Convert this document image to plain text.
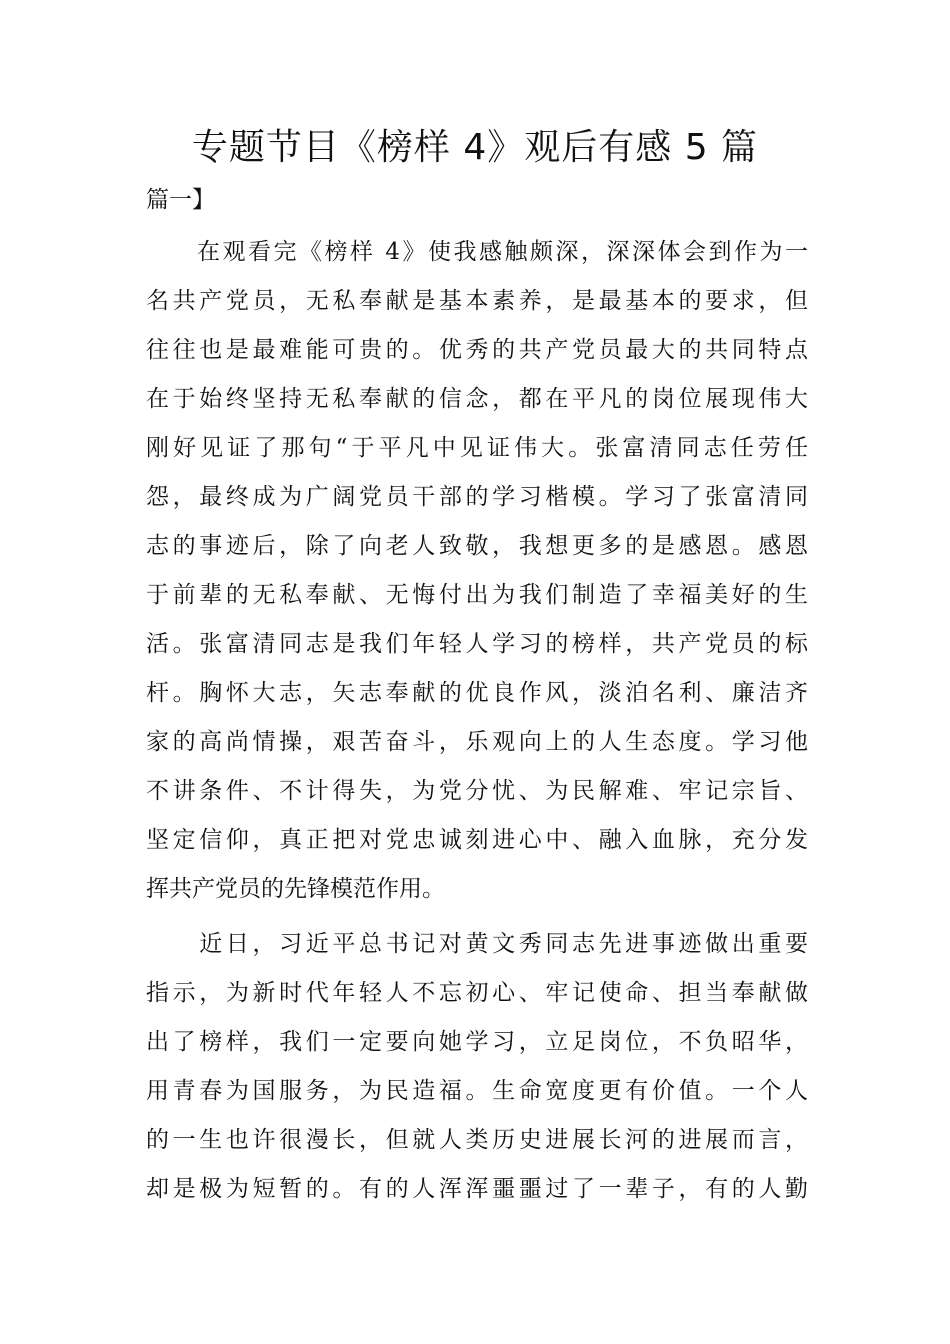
专题节目《榜样 4》观后有感 5 篇
篇一】
　　在观看完《榜样 4》使我感触颇深，深深体会到作为一
名共产党员，无私奉献是基本素养，是最基本的要求，但
往往也是最难能可贵的。优秀的共产党员最大的共同特点
在于始终坚持无私奉献的信念，都在平凡的岗位展现伟大
刚好见证了那句“于平凡中见证伟大。张富清同志任劳任
怨，最终成为广阔党员干部的学习楷模。学习了张富清同
志的事迹后，除了向老人致敬，我想更多的是感恩。感恩
于前辈的无私奉献、无悔付出为我们制造了幸福美好的生
活。张富清同志是我们年轻人学习的榜样，共产党员的标
杆。胸怀大志，矢志奉献的优良作风，淡泊名利、廉洁齐
家的高尚情操，艰苦奋斗，乐观向上的人生态度。学习他
不讲条件、不计得失，为党分忧、为民解难、牢记宗旨、
坚定信仰，真正把对党忠诚刻进心中、融入血脉，充分发
挥共产党员的先锋模范作用。
　　近日，习近平总书记对黄文秀同志先进事迹做出重要
指示，为新时代年轻人不忘初心、牢记使命、担当奉献做
出了榜样，我们一定要向她学习，立足岗位，不负昭华，
用青春为国服务，为民造福。生命宽度更有价值。一个人
的一生也许很漫长，但就人类历史进展长河的进展而言，
却是极为短暂的。有的人浑浑噩噩过了一辈子，有的人勤
